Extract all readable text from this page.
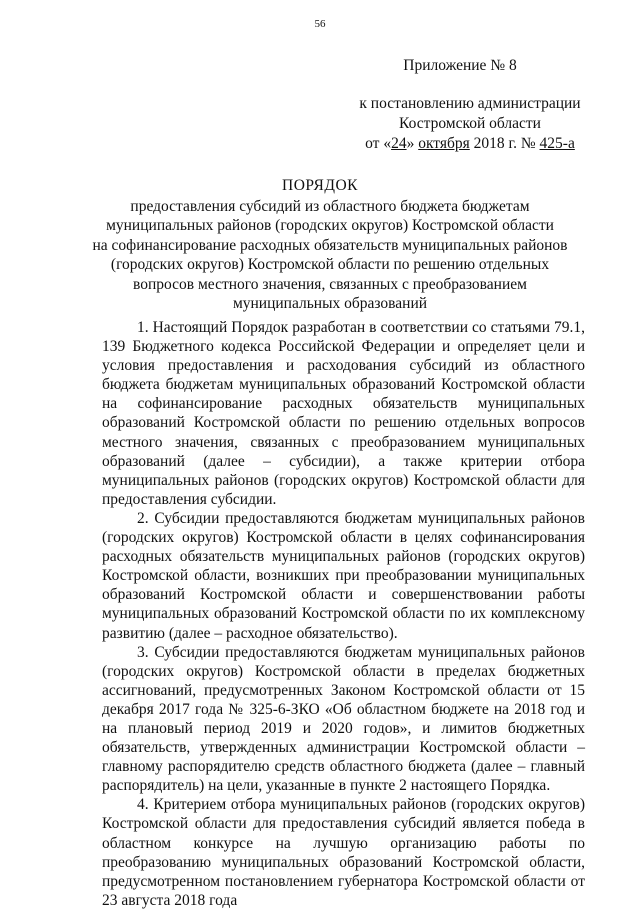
56
Приложение № 8
к постановлению администрации
Костромской области
от «24» октября 2018 г. № 425-а
ПОРЯДОК
предоставления субсидий из областного бюджета бюджетам
муниципальных районов (городских округов) Костромской области
на софинансирование расходных обязательств муниципальных районов
(городских округов) Костромской области по решению отдельных
вопросов местного значения, связанных с преобразованием
муниципальных образований

1. Настоящий Порядок разработан в соответствии со статьями 79.1, 139 Бюджетного кодекса Российской Федерации и определяет цели и условия предоставления и расходования субсидий из областного бюджета бюджетам муниципальных образований Костромской области на софинансирование расходных обязательств муниципальных образований Костромской области по решению отдельных вопросов местного значения, связанных с преобразованием муниципальных образований (далее – субсидии), а также критерии отбора муниципальных районов (городских округов) Костромской области для предоставления субсидии.

2. Субсидии предоставляются бюджетам муниципальных районов (городских округов) Костромской области в целях софинансирования расходных обязательств муниципальных районов (городских округов) Костромской области, возникших при преобразовании муниципальных образований Костромской области и совершенствовании работы муниципальных образований Костромской области по их комплексному развитию (далее – расходное обязательство).

3. Субсидии предоставляются бюджетам муниципальных районов (городских округов) Костромской области в пределах бюджетных ассигнований, предусмотренных Законом Костромской области от 15 декабря 2017 года № 325-6-ЗКО «Об областном бюджете на 2018 год и на плановый период 2019 и 2020 годов», и лимитов бюджетных обязательств, утвержденных администрации Костромской области – главному распорядителю средств областного бюджета (далее – главный распорядитель) на цели, указанные в пункте 2 настоящего Порядка.

4. Критерием отбора муниципальных районов (городских округов) Костромской области для предоставления субсидий является победа в областном конкурсе на лучшую организацию работы по преобразованию муниципальных образований Костромской области, предусмотренном постановлением губернатора Костромской области от 23 августа 2018 года
